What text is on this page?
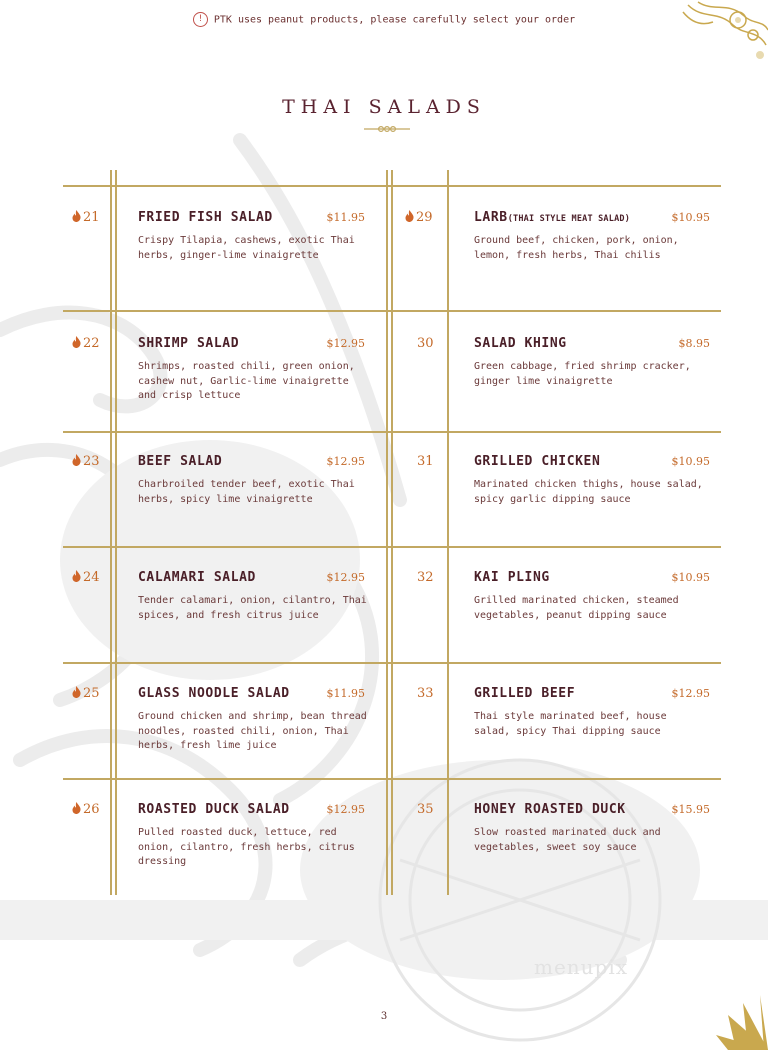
! PTK uses peanut products, please carefully select your order
THAI SALADS
21	FRIED FISH SALAD	$11.95
Crispy Tilapia, cashews, exotic Thai herbs, ginger-lime vinaigrette
22	SHRIMP SALAD	$12.95
Shrimps, roasted chili, green onion, cashew nut, Garlic-lime vinaigrette and crisp lettuce
23	BEEF SALAD	$12.95
Charbroiled tender beef, exotic Thai herbs, spicy lime vinaigrette
24	CALAMARI SALAD	$12.95
Tender calamari, onion, cilantro, Thai spices, and fresh citrus juice
25	GLASS NOODLE SALAD	$11.95
Ground chicken and shrimp, bean thread noodles, roasted chili, onion, Thai herbs, fresh lime juice
26	ROASTED DUCK SALAD	$12.95
Pulled roasted duck, lettuce, red onion, cilantro, fresh herbs, citrus dressing
29	LARB(THAI STYLE MEAT SALAD)	$10.95
Ground beef, chicken, pork, onion, lemon, fresh herbs, Thai chilis
30	SALAD KHING	$8.95
Green cabbage, fried shrimp cracker, ginger lime vinaigrette
31	GRILLED CHICKEN	$10.95
Marinated chicken thighs, house salad, spicy garlic dipping sauce
32	KAI PLING	$10.95
Grilled marinated chicken, steamed vegetables, peanut dipping sauce
33	GRILLED BEEF	$12.95
Thai style marinated beef, house salad, spicy Thai dipping sauce
35	HONEY ROASTED DUCK	$15.95
Slow roasted marinated duck and vegetables, sweet soy sauce
3
menupix
